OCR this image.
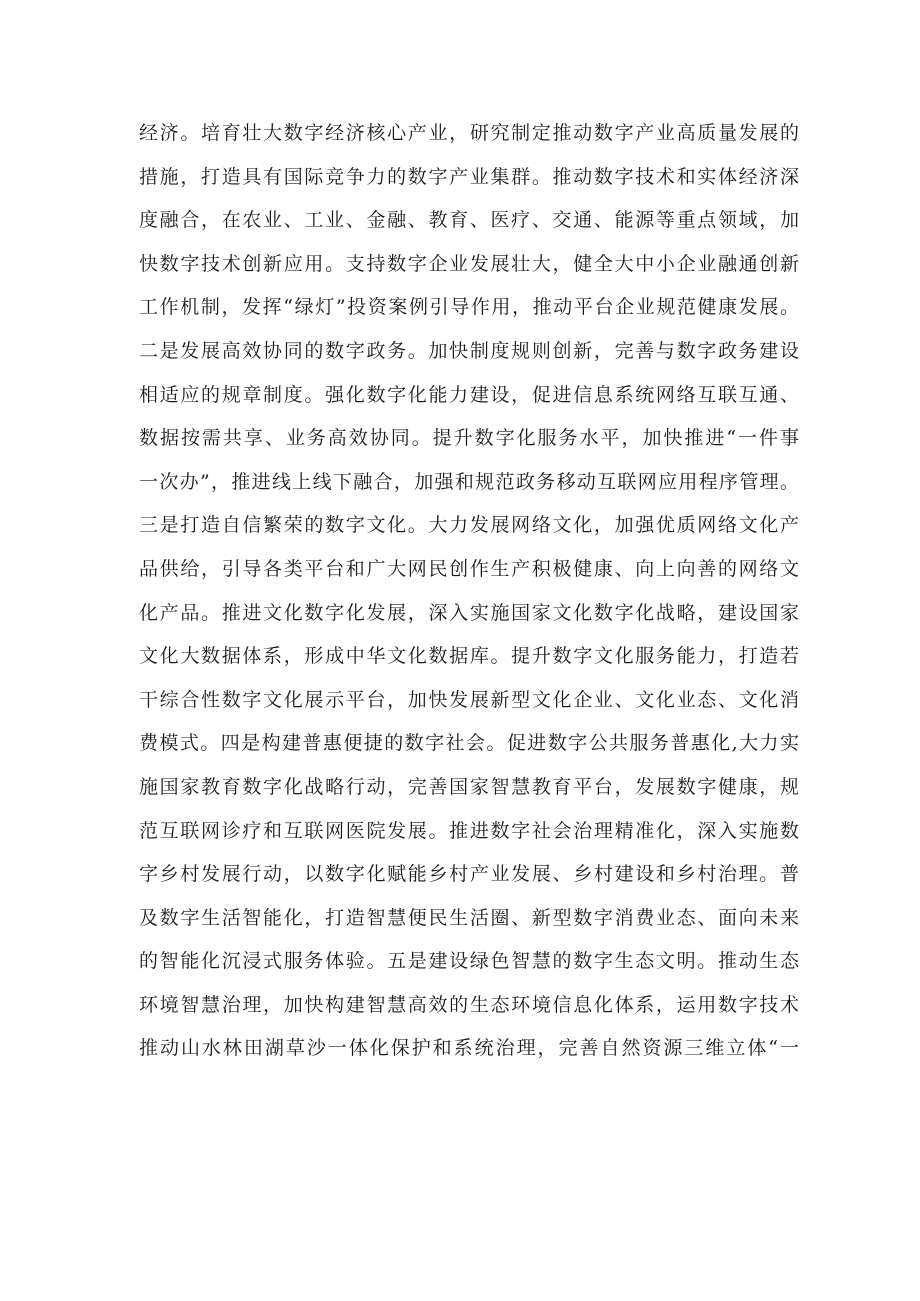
经济。培育壮大数字经济核心产业，研究制定推动数字产业高质量发展的
措施，打造具有国际竞争力的数字产业集群。推动数字技术和实体经济深
度融合，在农业、工业、金融、教育、医疗、交通、能源等重点领域，加
快数字技术创新应用。支持数字企业发展壮大，健全大中小企业融通创新
工作机制，发挥“绿灯”投资案例引导作用，推动平台企业规范健康发展。
二是发展高效协同的数字政务。加快制度规则创新，完善与数字政务建设
相适应的规章制度。强化数字化能力建设，促进信息系统网络互联互通、
数据按需共享、业务高效协同。提升数字化服务水平，加快推进“一件事
一次办”，推进线上线下融合，加强和规范政务移动互联网应用程序管理。
三是打造自信繁荣的数字文化。大力发展网络文化，加强优质网络文化产
品供给，引导各类平台和广大网民创作生产积极健康、向上向善的网络文
化产品。推进文化数字化发展，深入实施国家文化数字化战略，建设国家
文化大数据体系，形成中华文化数据库。提升数字文化服务能力，打造若
干综合性数字文化展示平台，加快发展新型文化企业、文化业态、文化消
费模式。四是构建普惠便捷的数字社会。促进数字公共服务普惠化,大力实
施国家教育数字化战略行动，完善国家智慧教育平台，发展数字健康，规
范互联网诊疗和互联网医院发展。推进数字社会治理精准化，深入实施数
字乡村发展行动，以数字化赋能乡村产业发展、乡村建设和乡村治理。普
及数字生活智能化，打造智慧便民生活圈、新型数字消费业态、面向未来
的智能化沉浸式服务体验。五是建设绿色智慧的数字生态文明。推动生态
环境智慧治理，加快构建智慧高效的生态环境信息化体系，运用数字技术
推动山水林田湖草沙一体化保护和系统治理，完善自然资源三维立体“一
